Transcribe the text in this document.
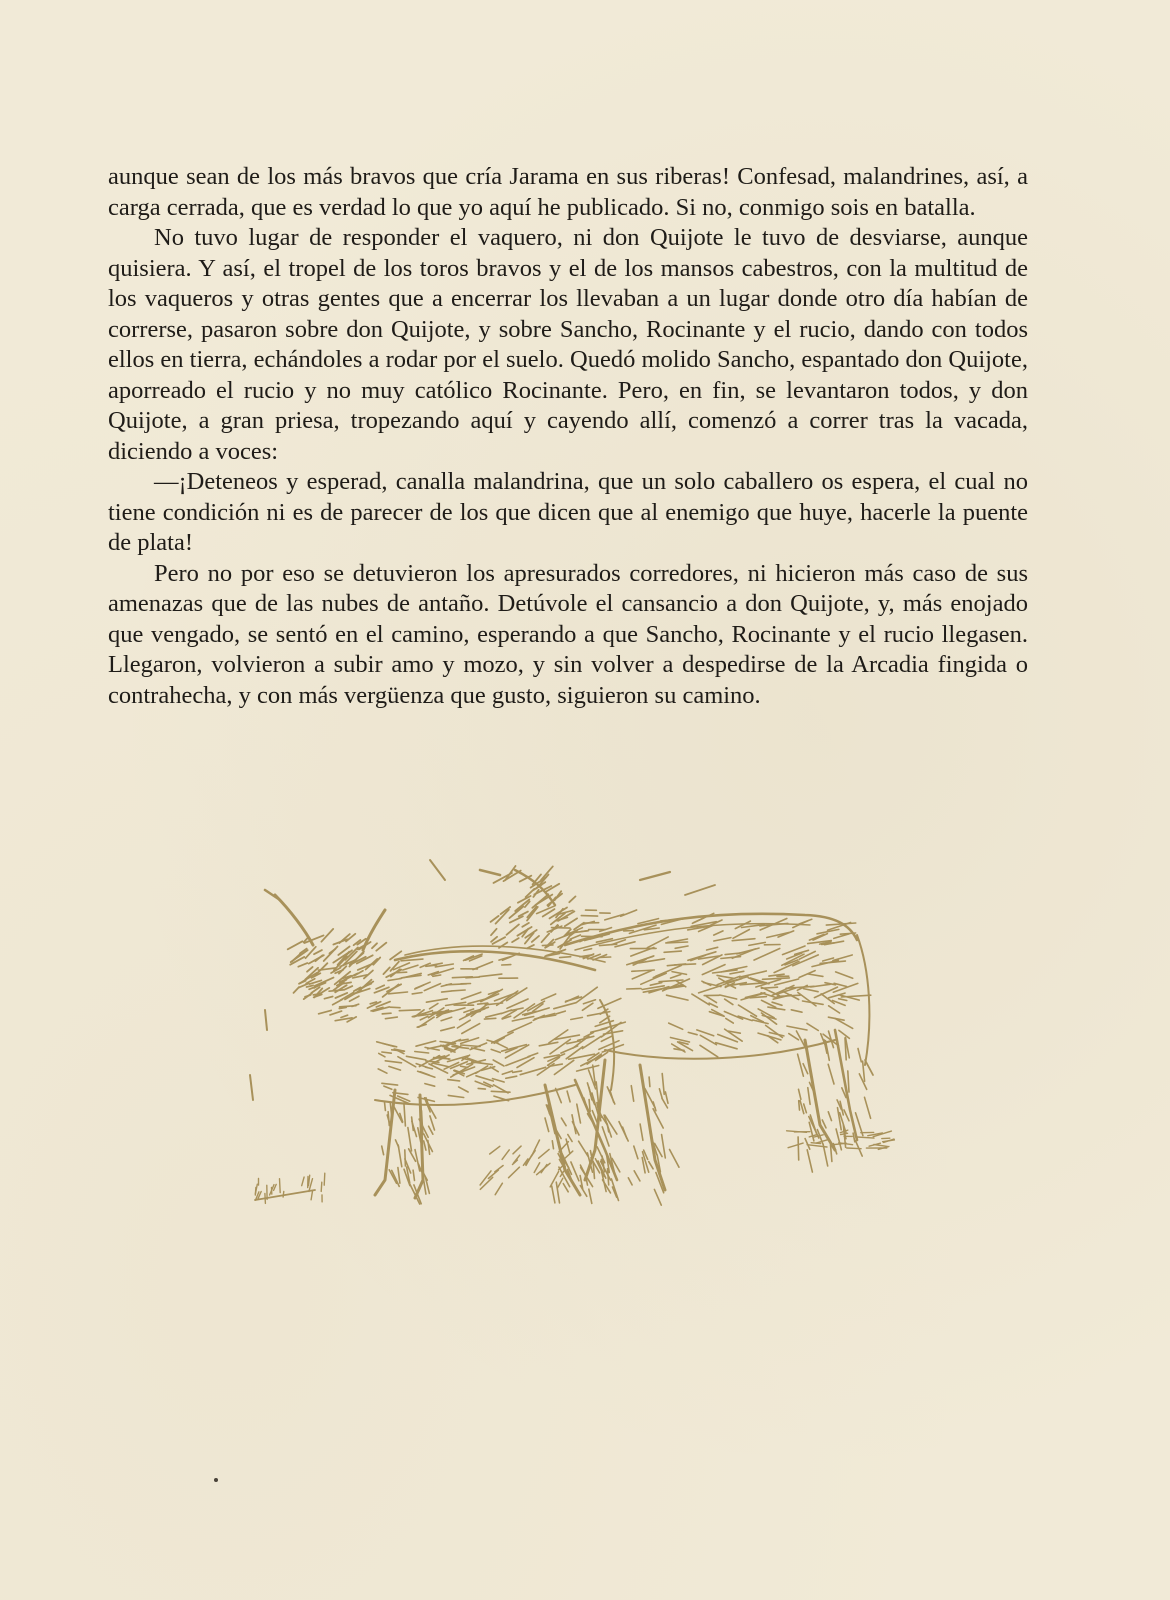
aunque sean de los más bravos que cría Jarama en sus riberas! Confesad, malandrines, así, a carga cerrada, que es verdad lo que yo aquí he publicado. Si no, conmigo sois en batalla.

No tuvo lugar de responder el vaquero, ni don Quijote le tuvo de desviarse, aunque quisiera. Y así, el tropel de los toros bravos y el de los mansos cabestros, con la multitud de los vaqueros y otras gentes que a encerrar los llevaban a un lugar donde otro día habían de correrse, pasaron sobre don Quijote, y sobre Sancho, Rocinante y el rucio, dando con todos ellos en tierra, echándoles a rodar por el suelo. Quedó molido Sancho, espantado don Quijote, aporreado el rucio y no muy católico Rocinante. Pero, en fin, se levantaron todos, y don Quijote, a gran priesa, tropezando aquí y cayendo allí, comenzó a correr tras la vacada, diciendo a voces:

—¡Deteneos y esperad, canalla malandrina, que un solo caballero os espera, el cual no tiene condición ni es de parecer de los que dicen que al enemigo que huye, hacerle la puente de plata!

Pero no por eso se detuvieron los apresurados corredores, ni hicieron más caso de sus amenazas que de las nubes de antaño. Detúvole el cansancio a don Quijote, y, más enojado que vengado, se sentó en el camino, esperando a que Sancho, Rocinante y el rucio llegasen. Llegaron, volvieron a subir amo y mozo, y sin volver a despedirse de la Arcadia fingida o contrahecha, y con más vergüenza que gusto, siguieron su camino.
